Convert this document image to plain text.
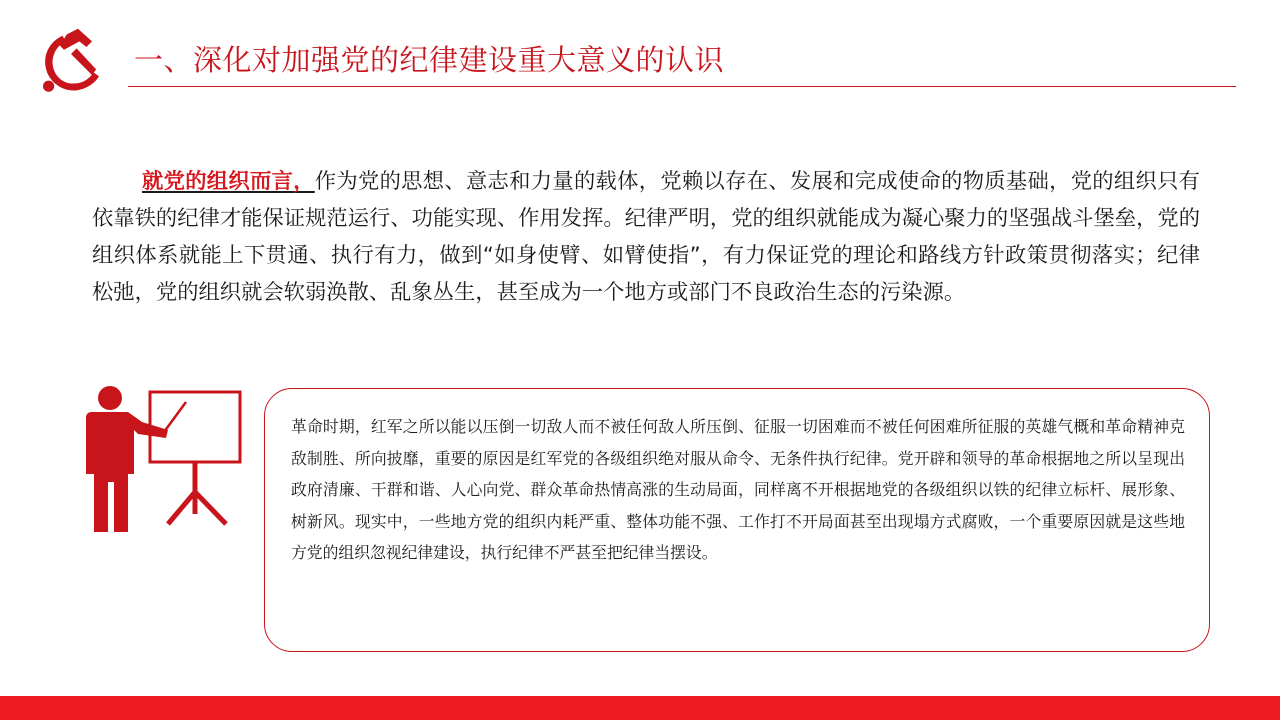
一、深化对加强党的纪律建设重大意义的认识
就党的组织而言，作为党的思想、意志和力量的载体，党赖以存在、发展和完成使命的物质基础，党的组织只有依靠铁的纪律才能保证规范运行、功能实现、作用发挥。纪律严明，党的组织就能成为凝心聚力的坚强战斗堡垒，党的组织体系就能上下贯通、执行有力，做到“如身使臂、如臂使指”，有力保证党的理论和路线方针政策贯彻落实；纪律松弛，党的组织就会软弱涣散、乱象丛生，甚至成为一个地方或部门不良政治生态的污染源。
革命时期，红军之所以能以压倒一切敌人而不被任何敌人所压倒、征服一切困难而不被任何困难所征服的英雄气概和革命精神克敌制胜、所向披靡，重要的原因是红军党的各级组织绝对服从命令、无条件执行纪律。党开辟和领导的革命根据地之所以呈现出政府清廉、干群和谐、人心向党、群众革命热情高涨的生动局面，同样离不开根据地党的各级组织以铁的纪律立标杆、展形象、树新风。现实中，一些地方党的组织内耗严重、整体功能不强、工作打不开局面甚至出现塌方式腐败，一个重要原因就是这些地方党的组织忽视纪律建设，执行纪律不严甚至把纪律当摆设。
